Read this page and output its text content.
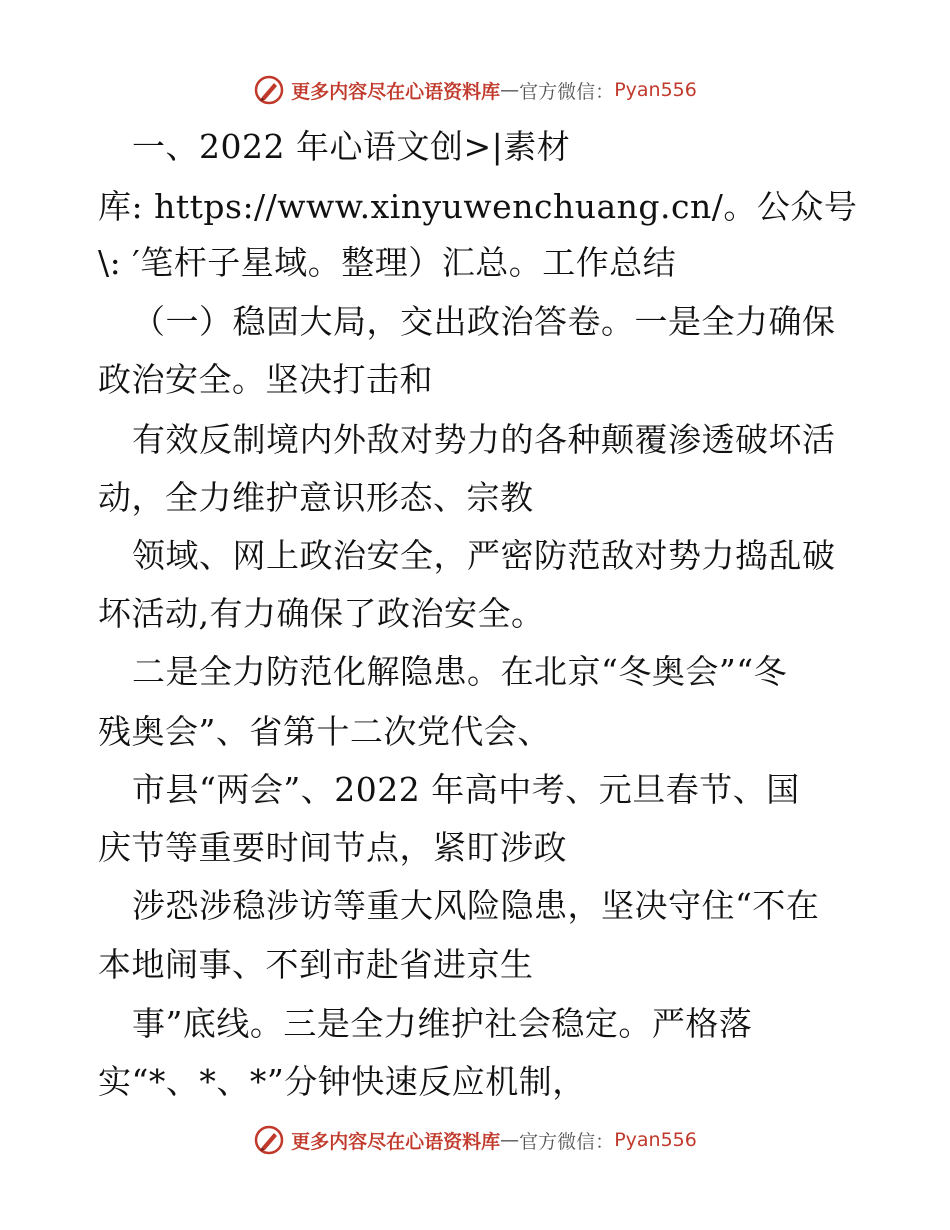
更多内容尽在心语资料库 — 官方微信： Pyan556
一、2022 年心语文创>|素材
库: https://www.xinyuwenchuang.cn/。公众号
\: ′笔杆子星域。整理）汇总。工作总结
（一）稳固大局，交出政治答卷。一是全力确保
政治安全。坚决打击和
有效反制境内外敌对势力的各种颠覆渗透破坏活
动，全力维护意识形态、宗教
领域、网上政治安全，严密防范敌对势力捣乱破
坏活动,有力确保了政治安全。
二是全力防范化解隐患。在北京“冬奥会”“冬
残奥会”、省第十二次党代会、
市县“两会”、2022 年高中考、元旦春节、国
庆节等重要时间节点，紧盯涉政
涉恐涉稳涉访等重大风险隐患，坚决守住“不在
本地闹事、不到市赴省进京生
事”底线。三是全力维护社会稳定。严格落
实“*、*、*”分钟快速反应机制，
更多内容尽在心语资料库 — 官方微信： Pyan556
